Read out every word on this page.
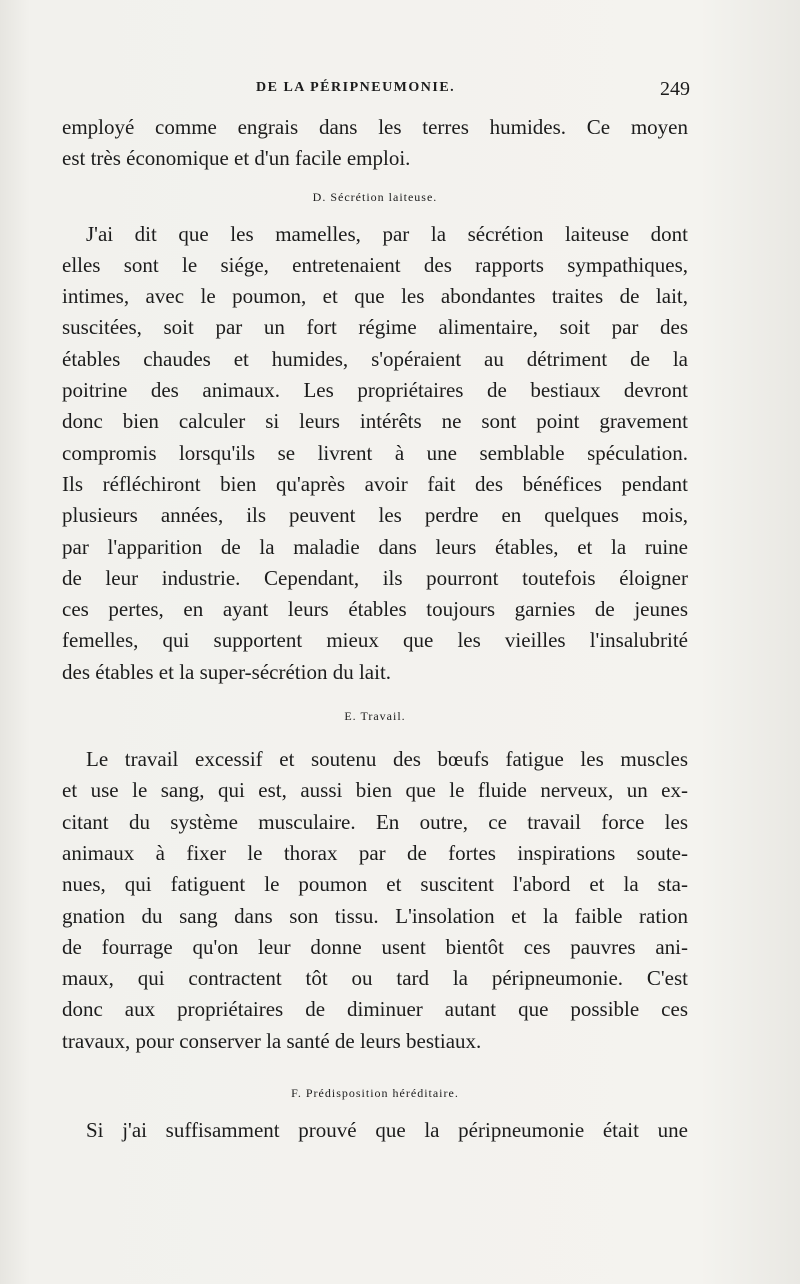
DE LA PÉRIPNEUMONIE.	249
employé comme engrais dans les terres humides. Ce moyen
est très économique et d'un facile emploi.
D. Sécrétion laiteuse.
J'ai dit que les mamelles, par la sécrétion laiteuse dont
elles sont le siége, entretenaient des rapports sympathiques,
intimes, avec le poumon, et que les abondantes traites de lait,
suscitées, soit par un fort régime alimentaire, soit par des
étables chaudes et humides, s'opéraient au détriment de la
poitrine des animaux. Les propriétaires de bestiaux devront
donc bien calculer si leurs intérêts ne sont point gravement
compromis lorsqu'ils se livrent à une semblable spéculation.
Ils réfléchiront bien qu'après avoir fait des bénéfices pendant
plusieurs années, ils peuvent les perdre en quelques mois,
par l'apparition de la maladie dans leurs étables, et la ruine
de leur industrie. Cependant, ils pourront toutefois éloigner
ces pertes, en ayant leurs étables toujours garnies de jeunes
femelles, qui supportent mieux que les vieilles l'insalubrité
des étables et la super-sécrétion du lait.
E. Travail.
Le travail excessif et soutenu des bœufs fatigue les muscles
et use le sang, qui est, aussi bien que le fluide nerveux, un ex-
citant du système musculaire. En outre, ce travail force les
animaux à fixer le thorax par de fortes inspirations soute-
nues, qui fatiguent le poumon et suscitent l'abord et la sta-
gnation du sang dans son tissu. L'insolation et la faible ration
de fourrage qu'on leur donne usent bientôt ces pauvres ani-
maux, qui contractent tôt ou tard la péripneumonie. C'est
donc aux propriétaires de diminuer autant que possible ces
travaux, pour conserver la santé de leurs bestiaux.
F. Prédisposition héréditaire.
Si j'ai suffisamment prouvé que la péripneumonie était une
